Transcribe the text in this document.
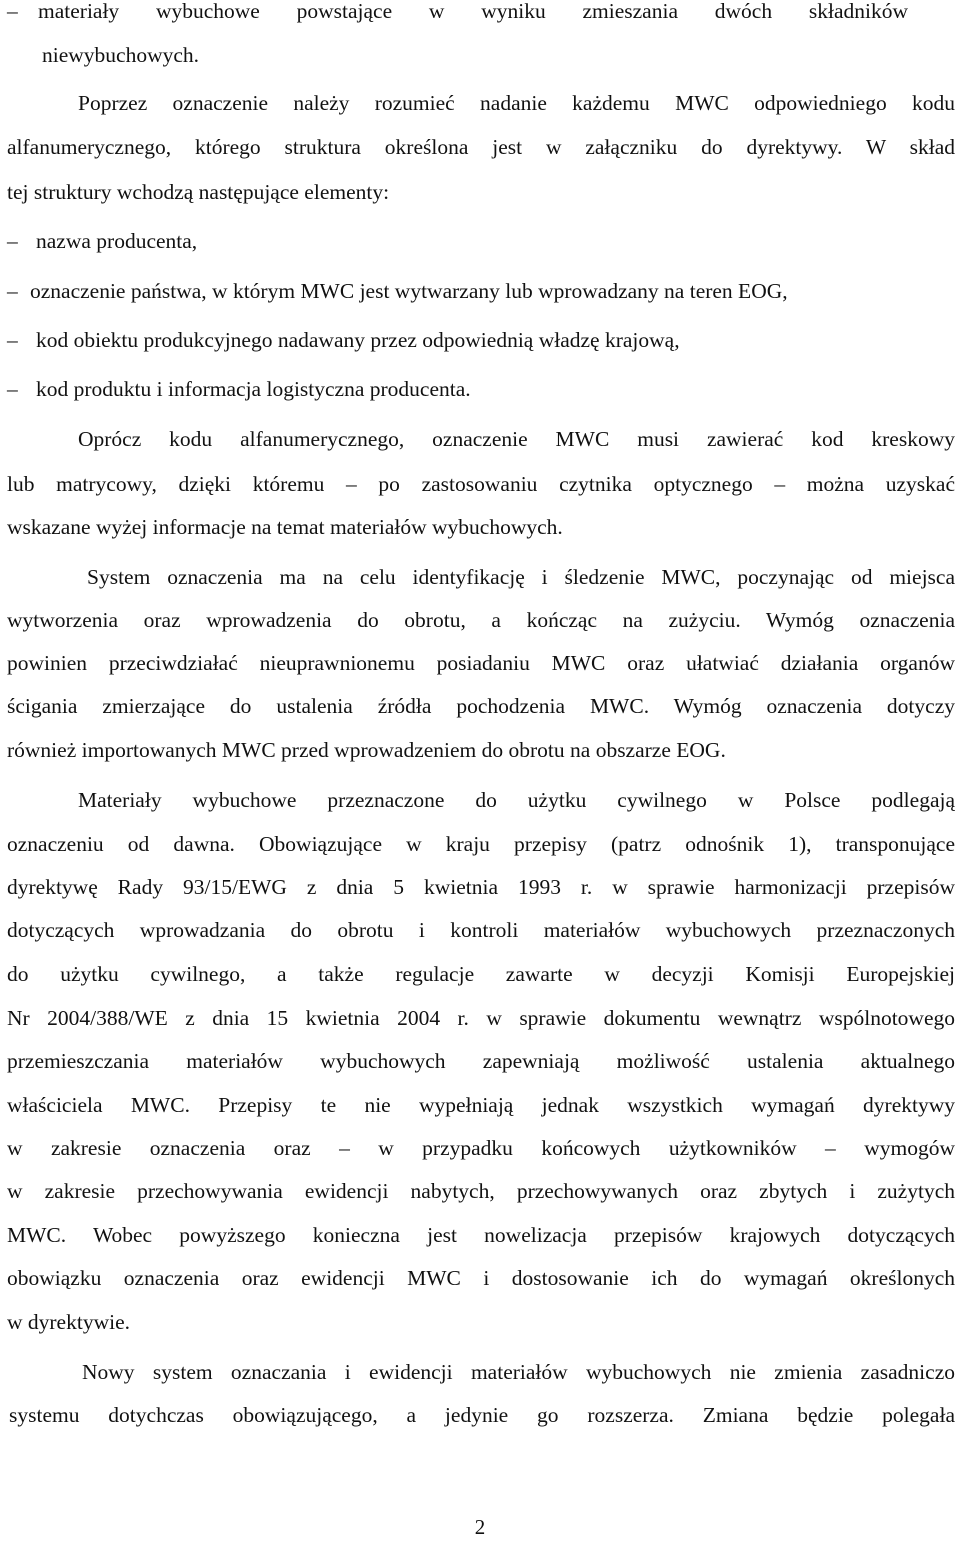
– materiały wybuchowe powstające w wyniku zmieszania dwóch składników
niewybuchowych.
Poprzez oznaczenie należy rozumieć nadanie każdemu MWC odpowiedniego kodu
alfanumerycznego, którego struktura określona jest w załączniku do dyrektywy. W skład
tej struktury wchodzą następujące elementy:
– nazwa producenta,
– oznaczenie państwa, w którym MWC jest wytwarzany lub wprowadzany na teren EOG,
– kod obiektu produkcyjnego nadawany przez odpowiednią władzę krajową,
– kod produktu i informacja logistyczna producenta.
Oprócz kodu alfanumerycznego, oznaczenie MWC musi zawierać kod kreskowy
lub matrycowy, dzięki któremu – po zastosowaniu czytnika optycznego – można uzyskać
wskazane wyżej informacje na temat materiałów wybuchowych.
System oznaczenia ma na celu identyfikację i śledzenie MWC, poczynając od miejsca
wytworzenia oraz wprowadzenia do obrotu, a kończąc na zużyciu. Wymóg oznaczenia
powinien przeciwdziałać nieuprawnionemu posiadaniu MWC oraz ułatwiać działania organów
ścigania zmierzające do ustalenia źródła pochodzenia MWC. Wymóg oznaczenia dotyczy
również importowanych MWC przed wprowadzeniem do obrotu na obszarze EOG.
Materiały wybuchowe przeznaczone do użytku cywilnego w Polsce podlegają
oznaczeniu od dawna. Obowiązujące w kraju przepisy (patrz odnośnik 1), transponujące
dyrektywę Rady 93/15/EWG z dnia 5 kwietnia 1993 r. w sprawie harmonizacji przepisów
dotyczących wprowadzania do obrotu i kontroli materiałów wybuchowych przeznaczonych
do użytku cywilnego, a także regulacje zawarte w decyzji Komisji Europejskiej
Nr 2004/388/WE z dnia 15 kwietnia 2004 r. w sprawie dokumentu wewnątrz wspólnotowego
przemieszczania materiałów wybuchowych zapewniają możliwość ustalenia aktualnego
właściciela MWC. Przepisy te nie wypełniają jednak wszystkich wymagań dyrektywy
w zakresie oznaczenia oraz – w przypadku końcowych użytkowników – wymogów
w zakresie przechowywania ewidencji nabytych, przechowywanych oraz zbytych i zużytych
MWC. Wobec powyższego konieczna jest nowelizacja przepisów krajowych dotyczących
obowiązku oznaczenia oraz ewidencji MWC i dostosowanie ich do wymagań określonych
w dyrektywie.
Nowy system oznaczania i ewidencji materiałów wybuchowych nie zmienia zasadniczo
systemu dotychczas obowiązującego, a jedynie go rozszerza. Zmiana będzie polegała
2
